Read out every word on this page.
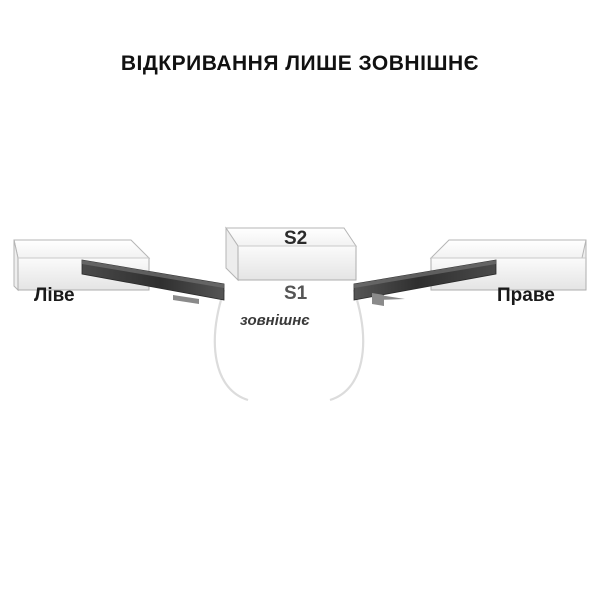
ВІДКРИВАННЯ ЛИШЕ ЗОВНІШНЄ
Ліве	Праве
S2
S1
зовнішнє
